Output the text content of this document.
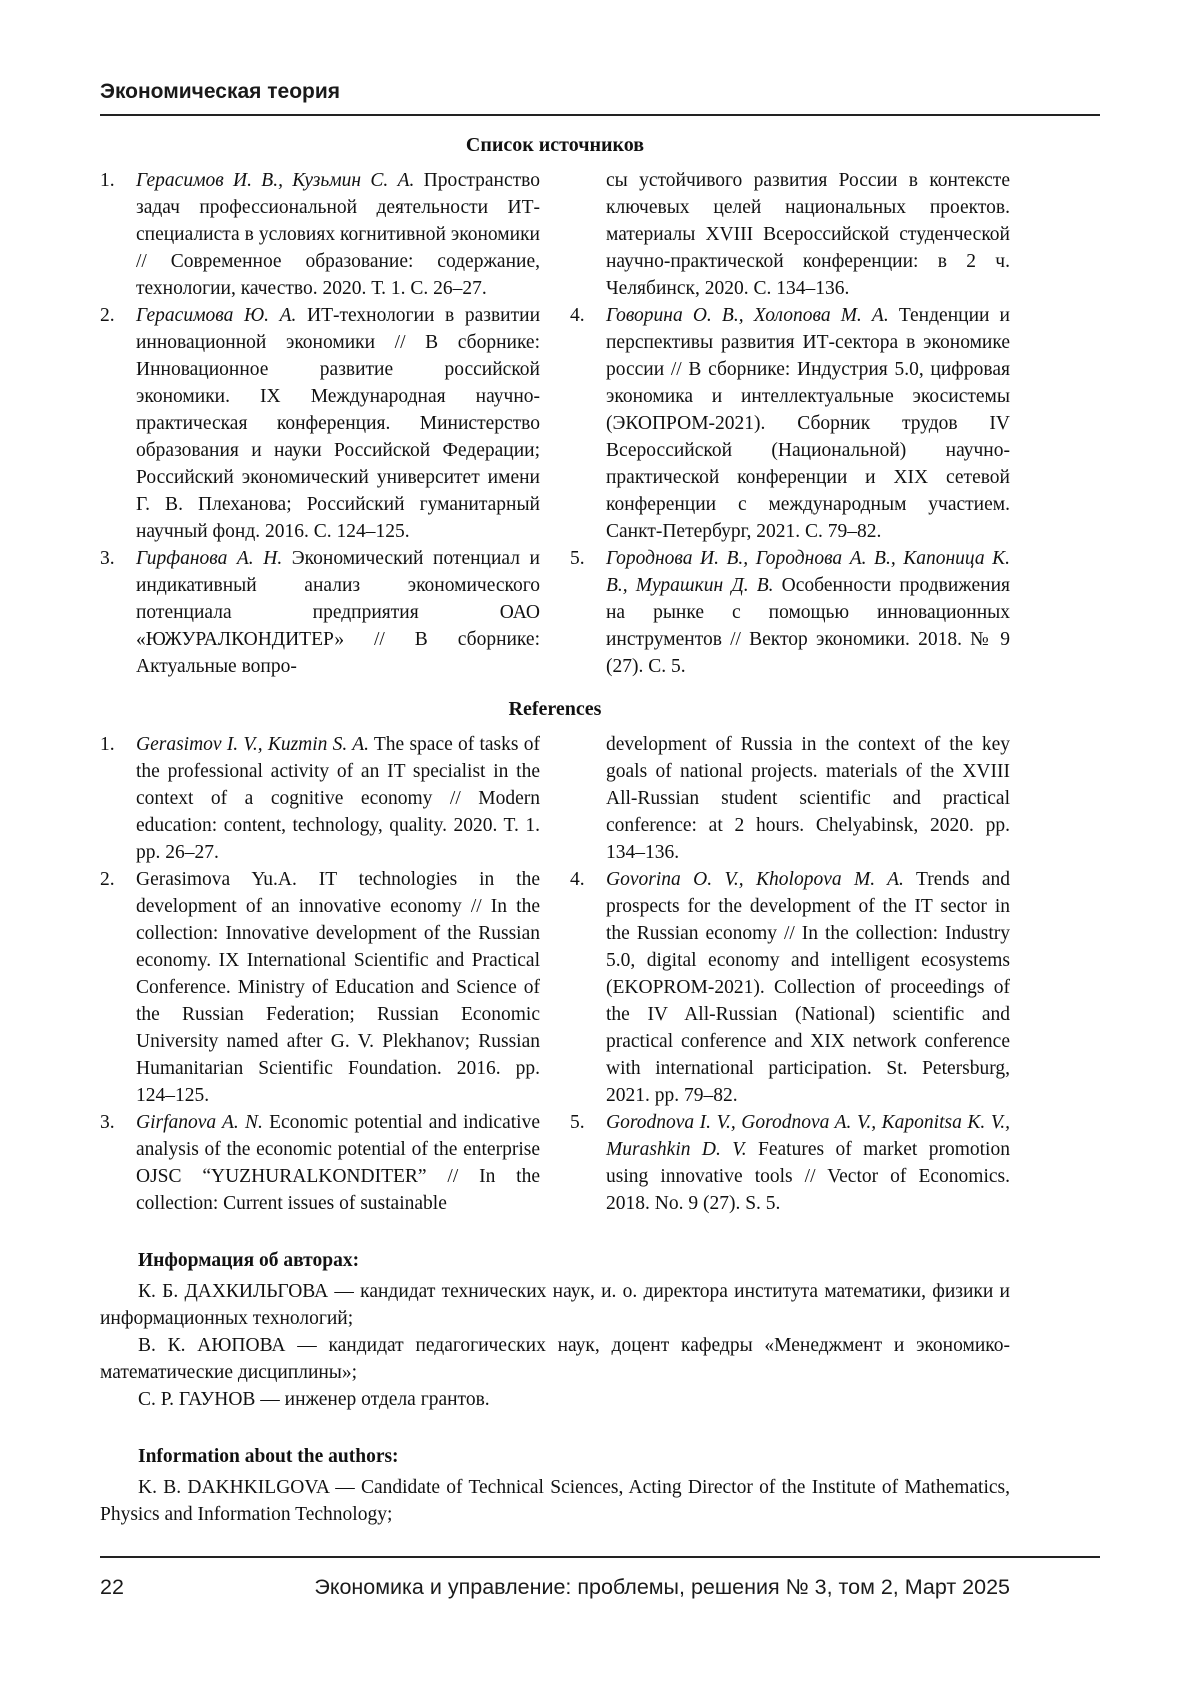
Экономическая теория
Список источников
1.	Герасимов И. В., Кузьмин С. А. Пространство задач профессиональной деятельности ИТ-специалиста в условиях когнитивной экономики // Современное образование: содержание, технологии, качество. 2020. Т. 1. С. 26–27.

2.	Герасимова Ю. А. ИТ-технологии в развитии инновационной экономики // В сборнике: Инновационное развитие российской экономики. IX Международная научно-практическая конференция. Министерство образования и науки Российской Федерации; Российский экономический университет имени Г. В. Плеханова; Российский гуманитарный научный фонд. 2016. С. 124–125.

3.	Гирфанова А. Н. Экономический потенциал и индикативный анализ экономического потенциала предприятия ОАО «ЮЖУРАЛКОНДИТЕР» // В сборнике: Актуальные вопро-

сы устойчивого развития России в контексте ключевых целей национальных проектов. материалы XVIII Всероссийской студенческой научно-практической конференции: в 2 ч. Челябинск, 2020. С. 134–136.

4.	Говорина О. В., Холопова М. А. Тенденции и перспективы развития ИТ-сектора в экономике россии // В сборнике: Индустрия 5.0, цифровая экономика и интеллектуальные экосистемы (ЭКОПРОМ-2021). Сборник трудов IV Всероссийской (Национальной) научно-практической конференции и XIX сетевой конференции с международным участием. Санкт-Петербург, 2021. С. 79–82.

5.	Городнова И. В., Городнова А. В., Капоница К. В., Мурашкин Д. В. Особенности продвижения на рынке с помощью инновационных инструментов // Вектор экономики. 2018. № 9 (27). С. 5.

References
1.	Gerasimov I. V., Kuzmin S. A. The space of tasks of the professional activity of an IT specialist in the context of a cognitive economy // Modern education: content, technology, quality. 2020. T. 1. pp. 26–27.

2.	Gerasimova Yu.A. IT technologies in the development of an innovative economy // In the collection: Innovative development of the Russian economy. IX International Scientific and Practical Conference. Ministry of Education and Science of the Russian Federation; Russian Economic University named after G. V. Plekhanov; Russian Humanitarian Scientific Foundation. 2016. pp. 124–125.

3.	Girfanova A. N. Economic potential and indicative analysis of the economic potential of the enterprise OJSC “YUZHURALKONDITER” // In the collection: Current issues of sustainable

development of Russia in the context of the key goals of national projects. materials of the XVIII All-Russian student scientific and practical conference: at 2 hours. Chelyabinsk, 2020. pp. 134–136.

4.	Govorina O. V., Kholopova M. A. Trends and prospects for the development of the IT sector in the Russian economy // In the collection: Industry 5.0, digital economy and intelligent ecosystems (EKOPROM-2021). Collection of proceedings of the IV All-Russian (National) scientific and practical conference and XIX network conference with international participation. St. Petersburg, 2021. pp. 79–82.

5.	Gorodnova I. V., Gorodnova A. V., Kaponitsa K. V., Murashkin D. V. Features of market promotion using innovative tools // Vector of Economics. 2018. No. 9 (27). S. 5.

Информация об авторах:

К. Б. ДАХКИЛЬГОВА — кандидат технических наук, и. о. директора института математики, физики и информационных технологий;

В. К. АЮПОВА — кандидат педагогических наук, доцент кафедры «Менеджмент и экономико-математические дисциплины»;

С. Р. ГАУНОВ — инженер отдела грантов.

Information about the authors:

K. B. DAKHKILGOVA — Candidate of Technical Sciences, Acting Director of the Institute of Mathematics, Physics and Information Technology;

22	Экономика и управление: проблемы, решения № 3, том 2, Март 2025
